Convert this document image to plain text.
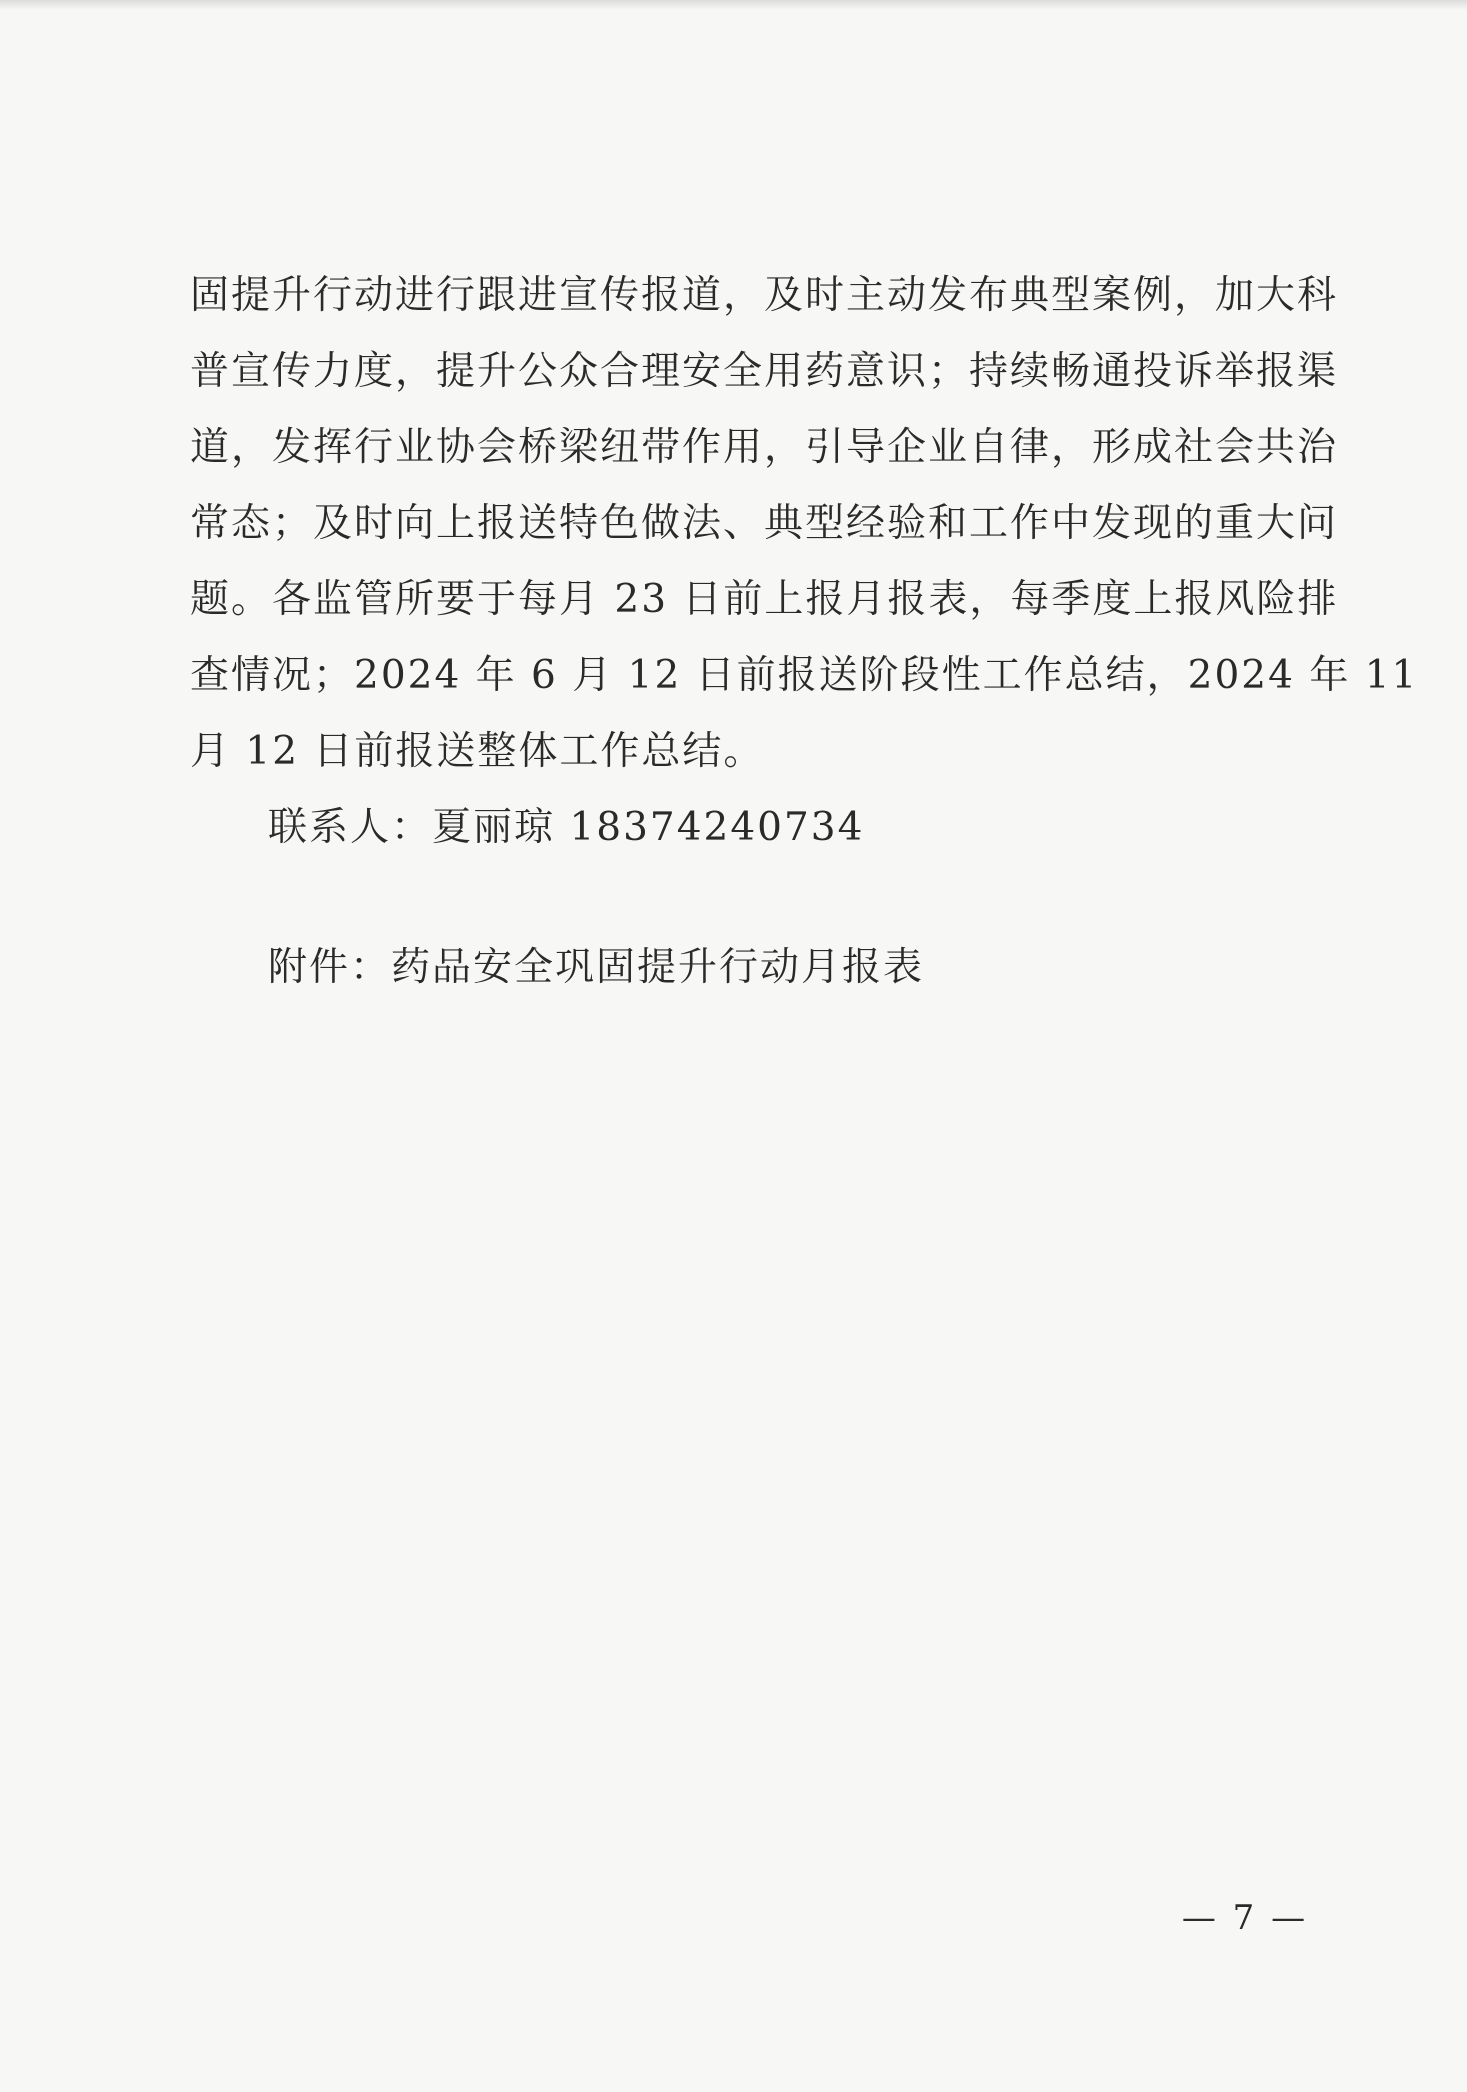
固提升行动进行跟进宣传报道，及时主动发布典型案例，加大科
普宣传力度，提升公众合理安全用药意识；持续畅通投诉举报渠
道，发挥行业协会桥梁纽带作用，引导企业自律，形成社会共治
常态；及时向上报送特色做法、典型经验和工作中发现的重大问
题。各监管所要于每月 23 日前上报月报表，每季度上报风险排
查情况；2024 年 6 月 12 日前报送阶段性工作总结，2024 年 11
月 12 日前报送整体工作总结。
联系人：夏丽琼 18374240734
附件：药品安全巩固提升行动月报表
— 7 —
